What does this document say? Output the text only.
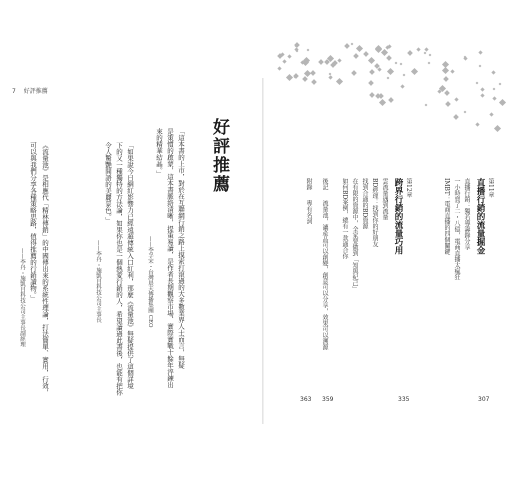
7 好評推薦
好評推薦
「這本書的上市，對於在互聯網行銷之路上摸索打滾過的大多數業界人士而言，無疑
是策慣的啟蒙，這本書脈絡清晰，提策易讀，是作者長期觀察市場、實際實戰十餘年淬鍊出
來的精華結晶。」
——李孚宋・台灣晨夫傳播集團 CEO
「如果說今日網紅影響力已經遠超傳統入口紅利，那麼《流量池》無疑提供了這個詳境
下的又一種獨特的方法論，如果你也是一個熱愛行銷的人，希望讀過此書後，也能有把你
令人驚艷開語的美麗景色。」
——李丹・施凱目科技公司主事長
《流量池》是相應代「精林傳銷」的中國傳出來的系統性理論，打法簡單、實用，行效，
可以與我們分享各種策略思路，值得推薦的行銷讀物。」
——李丹・施凱目科技公司主事長副經理
第11章
直播行銷的流量掘金
直播行銷：獨若導籌錄分享
一小時賣了二・八億，電商直播太瘋狂
IMBT：電商直播的四個關鍵
307
第12章
跨界行銷的流量巧用
雲流量遇到流量
BD經理：找到你的好朋友
找到合適的BD資源
在有限的資源中，全家要做到「知與紀己」
如何BD案例，總有一款適合你
335
後記
流量池，讓產品可以創變，創意可以分享，效果可以溯源
359
附錄
專有名詞
363
